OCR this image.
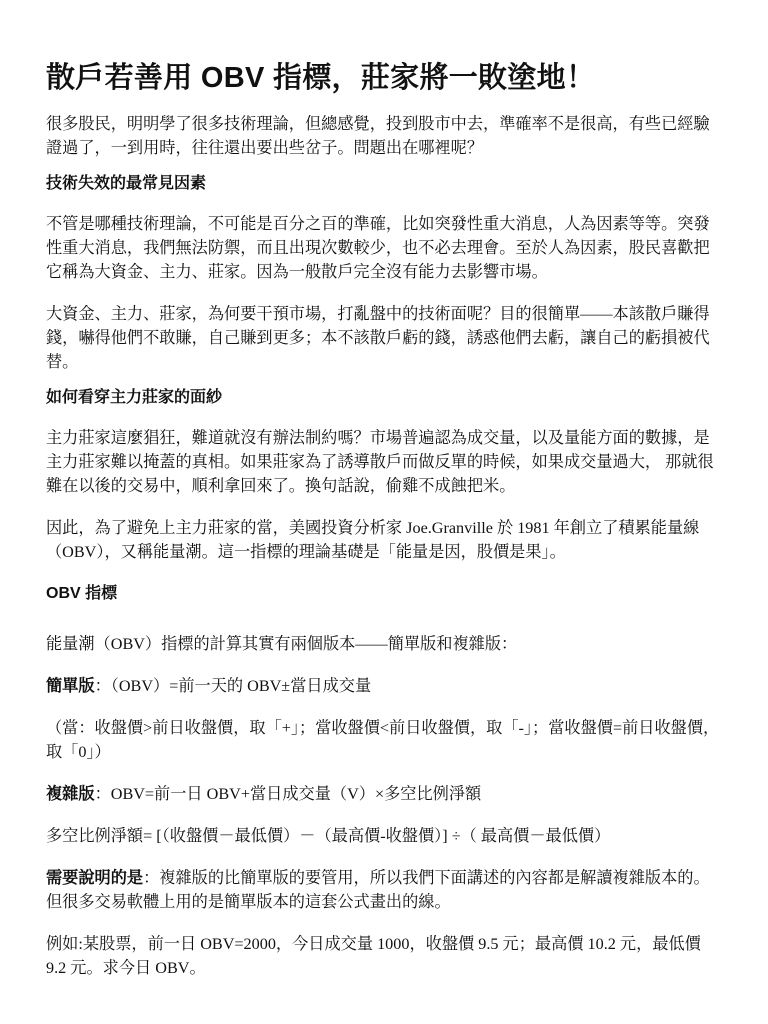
散戶若善用 OBV 指標，莊家將一敗塗地！

很多股民，明明學了很多技術理論，但總感覺，投到股市中去，準確率不是很高，有些已經驗證過了，一到用時，往往還出要出些岔子。問題出在哪裡呢？

技術失效的最常見因素

不管是哪種技術理論，不可能是百分之百的準確，比如突發性重大消息，人為因素等等。突發性重大消息，我們無法防禦，而且出現次數較少，也不必去理會。至於人為因素，股民喜歡把它稱為大資金、主力、莊家。因為一般散戶完全沒有能力去影響市場。

大資金、主力、莊家，為何要干預市場，打亂盤中的技術面呢？目的很簡單——本該散戶賺得錢，嚇得他們不敢賺，自己賺到更多；本不該散戶虧的錢，誘惑他們去虧，讓自己的虧損被代替。

如何看穿主力莊家的面紗

主力莊家這麼猖狂，難道就沒有辦法制約嗎？市場普遍認為成交量，以及量能方面的數據，是主力莊家難以掩蓋的真相。如果莊家為了誘導散戶而做反單的時候，如果成交量過大， 那就很難在以後的交易中，順利拿回來了。換句話說，偷雞不成蝕把米。

因此，為了避免上主力莊家的當，美國投資分析家 Joe.Granville 於 1981 年創立了積累能量線（OBV），又稱能量潮。這一指標的理論基礎是「能量是因，股價是果」。

OBV 指標

能量潮（OBV）指標的計算其實有兩個版本——簡單版和複雜版：

簡單版：（OBV）=前一天的 OBV±當日成交量

（當：收盤價>前日收盤價，取「+」；當收盤價<前日收盤價，取「-」；當收盤價=前日收盤價，取「0」）

複雜版：OBV=前一日 OBV+當日成交量（V）×多空比例淨額

多空比例淨額= [（收盤價－最低價）－（最高價-收盤價）] ÷（ 最高價－最低價）

需要說明的是：複雜版的比簡單版的要管用，所以我們下面講述的內容都是解讀複雜版本的。但很多交易軟體上用的是簡單版本的這套公式畫出的線。

例如:某股票，前一日 OBV=2000，今日成交量 1000，收盤價 9.5 元；最高價 10.2 元，最低價 9.2 元。求今日 OBV。
